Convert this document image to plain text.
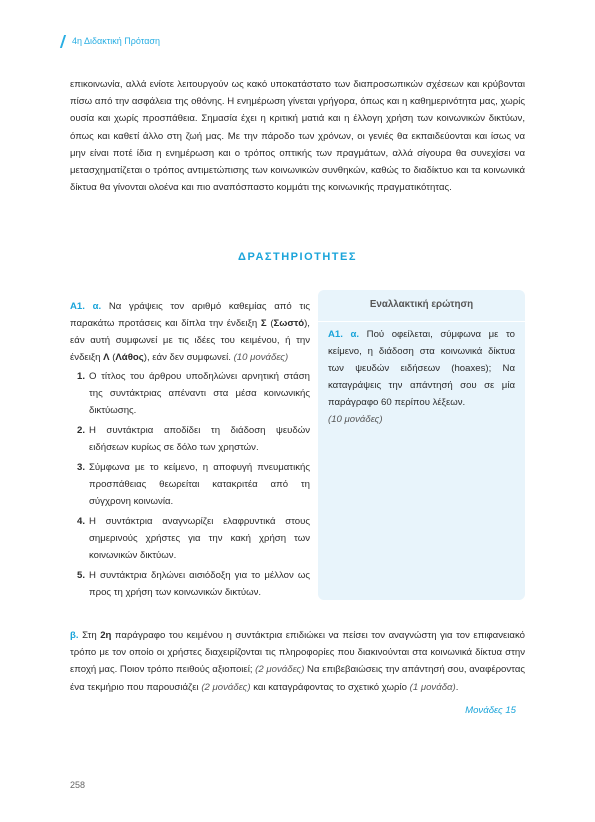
4η Διδακτική Πρόταση

επικοινωνία, αλλά ενίοτε λειτουργούν ως κακό υποκατάστατο των διαπροσωπικών σχέσεων και κρύβονται πίσω από την ασφάλεια της οθόνης. Η ενημέρωση γίνεται γρήγορα, όπως και η καθημερινότητα μας, χωρίς ουσία και χωρίς προσπάθεια. Σημασία έχει η κριτική ματιά και η έλλογη χρήση των κοινωνικών δικτύων, όπως και καθετί άλλο στη ζωή μας. Με την πάροδο των χρόνων, οι γενιές θα εκπαιδεύονται και ίσως να μην είναι ποτέ ίδια η ενημέρωση και ο τρόπος οπτικής των πραγμάτων, αλλά σίγουρα θα συνεχίσει να μετασχηματίζεται ο τρόπος αντιμετώπισης των κοινωνικών συνθηκών, καθώς το διαδίκτυο και τα κοινωνικά δίκτυα θα γίνονται ολοένα και πιο αναπόσπαστο κομμάτι της κοινωνικής πραγματικότητας.

ΔΡΑΣΤΗΡΙΟΤΗΤΕΣ

Α1. α. Να γράψεις τον αριθμό καθεμίας από τις παρακάτω προτάσεις και δίπλα την ένδειξη Σ (Σωστό), εάν αυτή συμφωνεί με τις ιδέες του κειμένου, ή την ένδειξη Λ (Λάθος), εάν δεν συμφωνεί. (10 μονάδες)

1. Ο τίτλος του άρθρου υποδηλώνει αρνητική στάση της συντάκτριας απέναντι στα μέσα κοινωνικής δικτύωσης.
2. Η συντάκτρια αποδίδει τη διάδοση ψευδών ειδήσεων κυρίως σε δόλο των χρηστών.
3. Σύμφωνα με το κείμενο, η αποφυγή πνευματικής προσπάθειας θεωρείται κατακριτέα από τη σύγχρονη κοινωνία.
4. Η συντάκτρια αναγνωρίζει ελαφρυντικά στους σημερινούς χρήστες για την κακή χρήση των κοινωνικών δικτύων.
5. Η συντάκτρια δηλώνει αισιόδοξη για το μέλλον ως προς τη χρήση των κοινωνικών δικτύων.
Εναλλακτική ερώτηση
Α1. α. Πού οφείλεται, σύμφωνα με το κείμενο, η διάδοση στα κοινωνικά δίκτυα των ψευδών ειδήσεων (hoaxes); Να καταγράψεις την απάντησή σου σε μία παράγραφο 60 περίπου λέξεων.
(10 μονάδες)

β. Στη 2η παράγραφο του κειμένου η συντάκτρια επιδιώκει να πείσει τον αναγνώστη για τον επιφανειακό τρόπο με τον οποίο οι χρήστες διαχειρίζονται τις πληροφορίες που διακινούνται στα κοινωνικά δίκτυα στην εποχή μας. Ποιον τρόπο πειθούς αξιοποιεί; (2 μονάδες) Να επιβεβαιώσεις την απάντησή σου, αναφέροντας ένα τεκμήριο που παρουσιάζει (2 μονάδες) και καταγράφοντας το σχετικό χωρίο (1 μονάδα).

Μονάδες 15
258
